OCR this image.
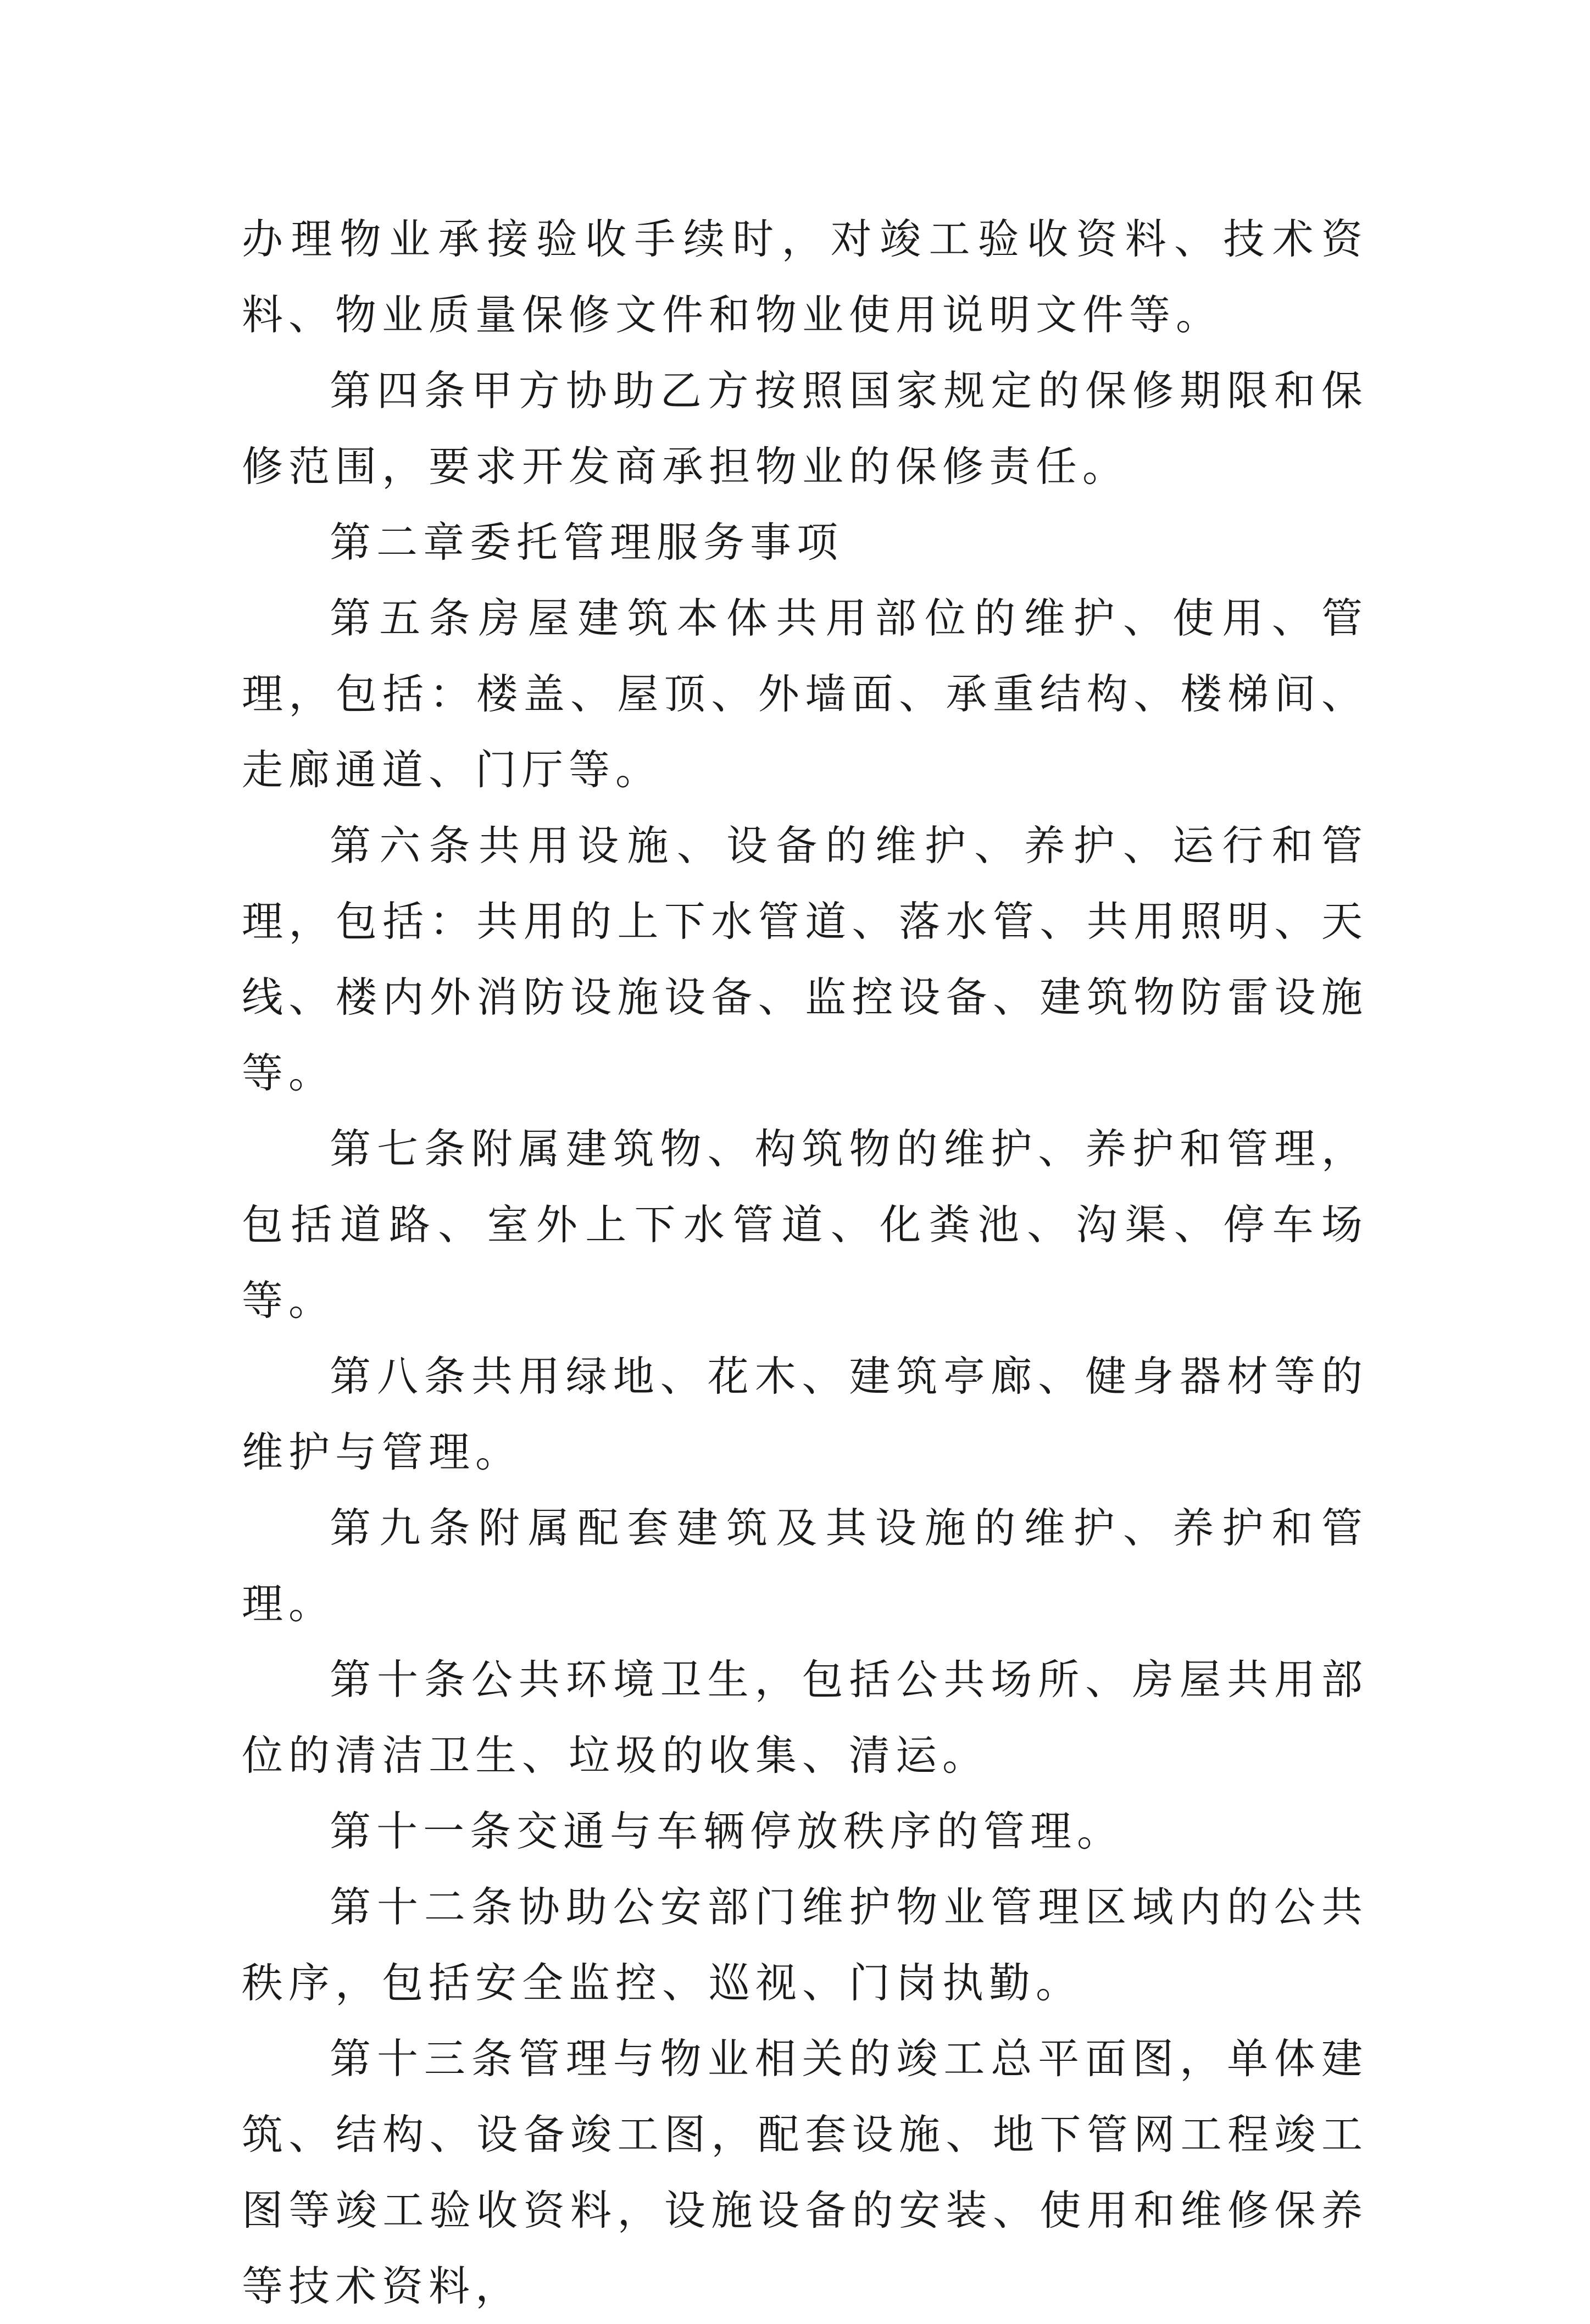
办理物业承接验收手续时，对竣工验收资料、技术资料、物业质量保修文件和物业使用说明文件等。

第四条甲方协助乙方按照国家规定的保修期限和保修范围，要求开发商承担物业的保修责任。

第二章委托管理服务事项

第五条房屋建筑本体共用部位的维护、使用、管理，包括：楼盖、屋顶、外墙面、承重结构、楼梯间、走廊通道、门厅等。

第六条共用设施、设备的维护、养护、运行和管理，包括：共用的上下水管道、落水管、共用照明、天线、楼内外消防设施设备、监控设备、建筑物防雷设施等。

第七条附属建筑物、构筑物的维护、养护和管理，包括道路、室外上下水管道、化粪池、沟渠、停车场等。

第八条共用绿地、花木、建筑亭廊、健身器材等的维护与管理。

第九条附属配套建筑及其设施的维护、养护和管理。

第十条公共环境卫生，包括公共场所、房屋共用部位的清洁卫生、垃圾的收集、清运。

第十一条交通与车辆停放秩序的管理。

第十二条协助公安部门维护物业管理区域内的公共秩序，包括安全监控、巡视、门岗执勤。

第十三条管理与物业相关的竣工总平面图，单体建筑、结构、设备竣工图，配套设施、地下管网工程竣工图等竣工验收资料，设施设备的安装、使用和维修保养等技术资料，
